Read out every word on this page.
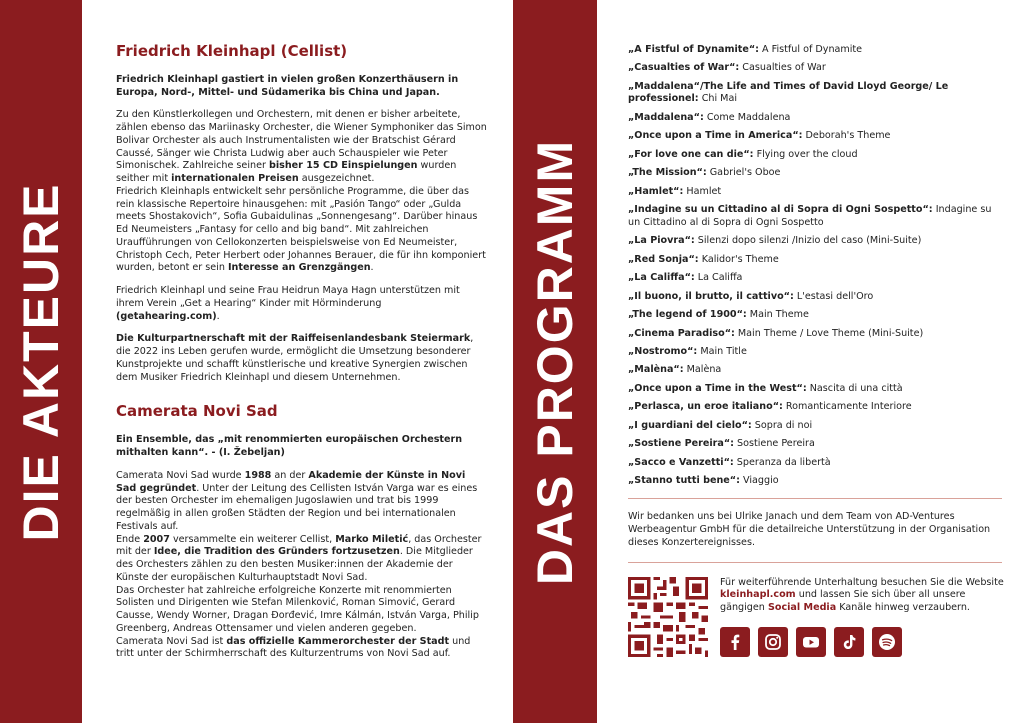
DIE AKTEURE	DAS PROGRAMM
Friedrich Kleinhapl (Cellist)

Friedrich Kleinhapl gastiert in vielen großen Konzerthäusern in Europa, Nord-, Mittel- und Südamerika bis China und Japan.

Zu den Künstlerkollegen und Orchestern, mit denen er bisher arbeitete, zählen ebenso das Mariinasky Orchester, die Wiener Symphoniker das Simon Bolivar Orchester als auch Instrumentalisten wie der Bratschist Gérard Caussé, Sänger wie Christa Ludwig aber auch Schauspieler wie Peter Simonischek. Zahlreiche seiner bisher 15 CD Einspielungen wurden seither mit internationalen Preisen ausgezeichnet.
Friedrich Kleinhapls entwickelt sehr persönliche Programme, die über das rein klassische Repertoire hinausgehen: mit „Pasión Tango“ oder „Gulda meets Shostakovich“, Sofia Gubaidulinas „Sonnengesang“. Darüber hinaus Ed Neumeisters „Fantasy for cello and big band“. Mit zahlreichen Uraufführungen von Cellokonzerten beispielsweise von Ed Neumeister, Christoph Cech, Peter Herbert oder Johannes Berauer, die für ihn komponiert wurden, betont er sein Interesse an Grenzgängen.

Friedrich Kleinhapl und seine Frau Heidrun Maya Hagn unterstützen mit ihrem Verein „Get a Hearing“ Kinder mit Hörminderung (getahearing.com).

Die Kulturpartnerschaft mit der Raiffeisenlandesbank Steiermark, die 2022 ins Leben gerufen wurde, ermöglicht die Umsetzung besonderer Kunstprojekte und schafft künstlerische und kreative Synergien zwischen dem Musiker Friedrich Kleinhapl und diesem Unternehmen.

Camerata Novi Sad

Ein Ensemble, das „mit renommierten europäischen Orchestern mithalten kann“. - (I. Žebeljan)

Camerata Novi Sad wurde 1988 an der Akademie der Künste in Novi Sad gegründet. Unter der Leitung des Cellisten István Varga war es eines der besten Orchester im ehemaligen Jugoslawien und trat bis 1999 regelmäßig in allen großen Städten der Region und bei internationalen Festivals auf.
Ende 2007 versammelte ein weiterer Cellist, Marko Miletić, das Orchester mit der Idee, die Tradition des Gründers fortzusetzen. Die Mitglieder des Orchesters zählen zu den besten Musiker:innen der Akademie der Künste der europäischen Kulturhauptstadt Novi Sad.
Das Orchester hat zahlreiche erfolgreiche Konzerte mit renommierten Solisten und Dirigenten wie Stefan Milenković, Roman Simović, Gerard Causse, Wendy Worner, Dragan Đorđević, Imre Kálmán, István Varga, Philip Greenberg, Andreas Ottensamer und vielen anderen gegeben.
Camerata Novi Sad ist das offizielle Kammerorchester der Stadt und tritt unter der Schirmherrschaft des Kulturzentrums von Novi Sad auf.

„A Fistful of Dynamite“: A Fistful of Dynamite

„Casualties of War“: Casualties of War

„Maddalena“/The Life and Times of David Lloyd George/ Le professionel: Chi Mai

„Maddalena“: Come Maddalena

„Once upon a Time in America“: Deborah's Theme

„For love one can die“: Flying over the cloud

„The Mission“: Gabriel's Oboe

„Hamlet“: Hamlet

„Indagine su un Cittadino al di Sopra di Ogni Sospetto“: Indagine su un Cittadino al di Sopra di Ogni Sospetto

„La Piovra“: Silenzi dopo silenzi /Inizio del caso (Mini-Suite)

„Red Sonja“: Kalidor's Theme

„La Califfa“: La Califfa

„Il buono, il brutto, il cattivo“: L'estasi dell'Oro

„The legend of 1900“: Main Theme

„Cinema Paradiso“: Main Theme / Love Theme (Mini-Suite)

„Nostromo“: Main Title

„Malèna“: Malèna

„Once upon a Time in the West“: Nascita di una città

„Perlasca, un eroe italiano“: Romanticamente Interiore

„I guardiani del cielo“: Sopra di noi

„Sostiene Pereira“: Sostiene Pereira

„Sacco e Vanzetti“: Speranza da libertà

„Stanno tutti bene“: Viaggio

Wir bedanken uns bei Ulrike Janach und dem Team von AD-Ventures Werbeagentur GmbH für die detailreiche Unterstützung in der Organisation dieses Konzertereignisses.

Für weiterführende Unterhaltung besuchen Sie die Website kleinhapl.com und lassen Sie sich über all unsere gängigen Social Media Kanäle hinweg verzaubern.
